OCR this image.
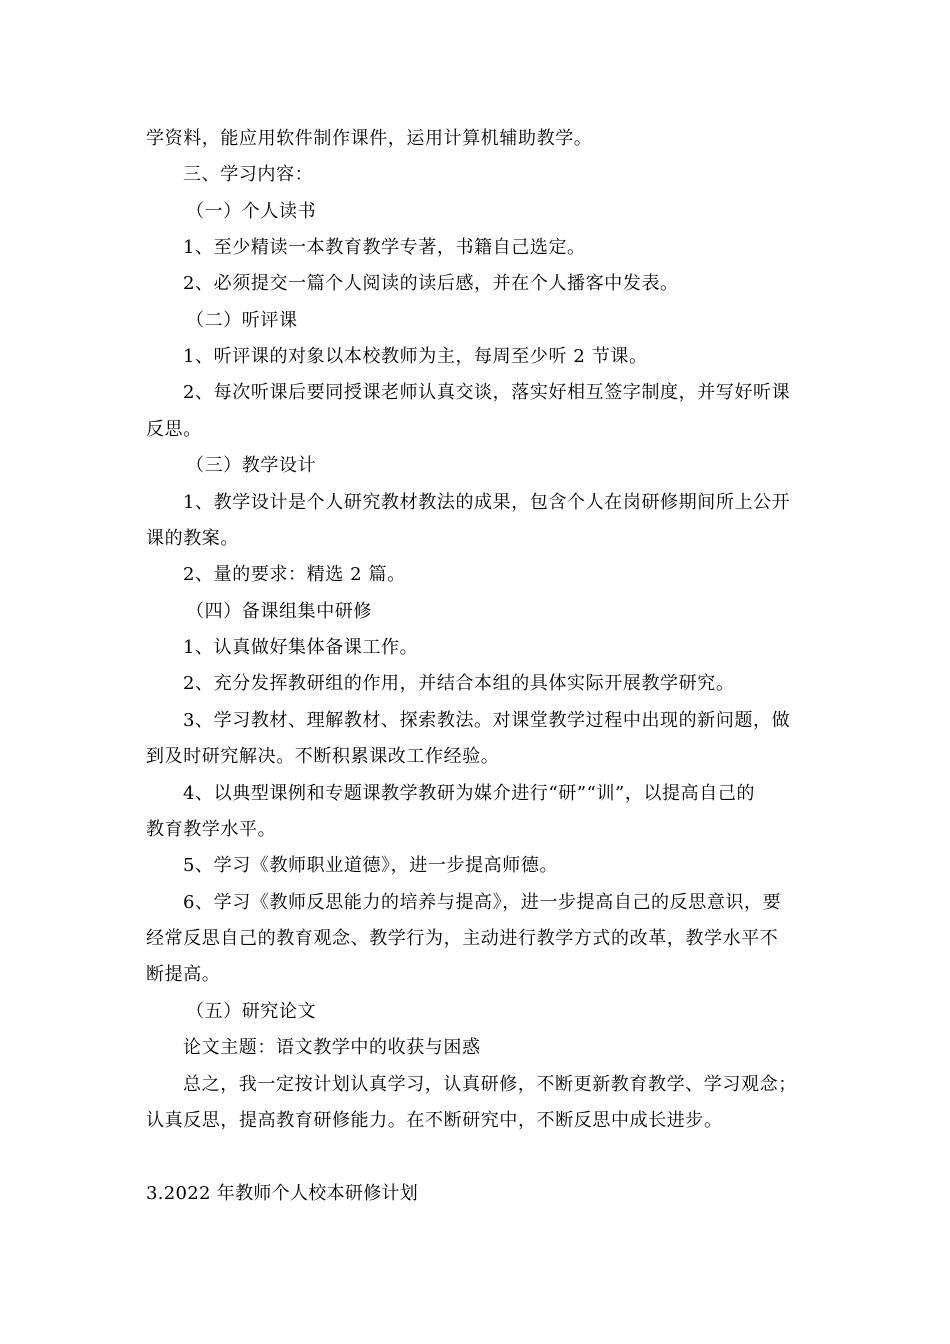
学资料，能应用软件制作课件，运用计算机辅助教学。
三、学习内容：
（一）个人读书
1、至少精读一本教育教学专著，书籍自己选定。
2、必须提交一篇个人阅读的读后感，并在个人播客中发表。
（二）听评课
1、听评课的对象以本校教师为主，每周至少听 2 节课。
2、每次听课后要同授课老师认真交谈，落实好相互签字制度，并写好听课
反思。
（三）教学设计
1、教学设计是个人研究教材教法的成果，包含个人在岗研修期间所上公开
课的教案。
2、量的要求：精选 2 篇。
（四）备课组集中研修
1、认真做好集体备课工作。
2、充分发挥教研组的作用，并结合本组的具体实际开展教学研究。
3、学习教材、理解教材、探索教法。对课堂教学过程中出现的新问题，做
到及时研究解决。不断积累课改工作经验。
4、以典型课例和专题课教学教研为媒介进行“研”“训”，以提高自己的
教育教学水平。
5、学习《教师职业道德》，进一步提高师德。
6、学习《教师反思能力的培养与提高》，进一步提高自己的反思意识，要
经常反思自己的教育观念、教学行为，主动进行教学方式的改革，教学水平不
断提高。
（五）研究论文
论文主题：语文教学中的收获与困惑
总之，我一定按计划认真学习，认真研修，不断更新教育教学、学习观念；
认真反思，提高教育研修能力。在不断研究中，不断反思中成长进步。
3.2022 年教师个人校本研修计划
